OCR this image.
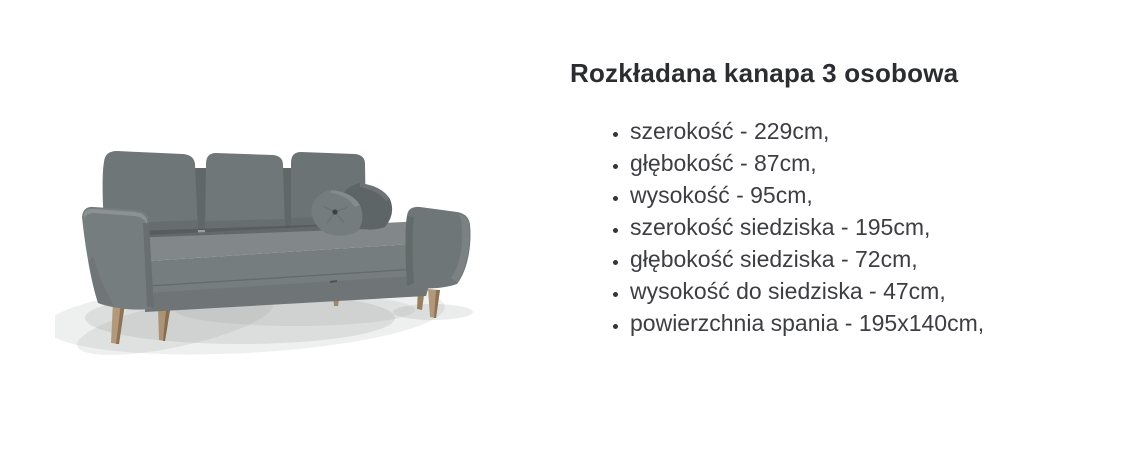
Rozkładana kanapa 3 osobowa
• szerokość - 229cm,
• głębokość - 87cm,
• wysokość - 95cm,
• szerokość siedziska - 195cm,
• głębokość siedziska - 72cm,
• wysokość do siedziska - 47cm,
• powierzchnia spania - 195x140cm,
